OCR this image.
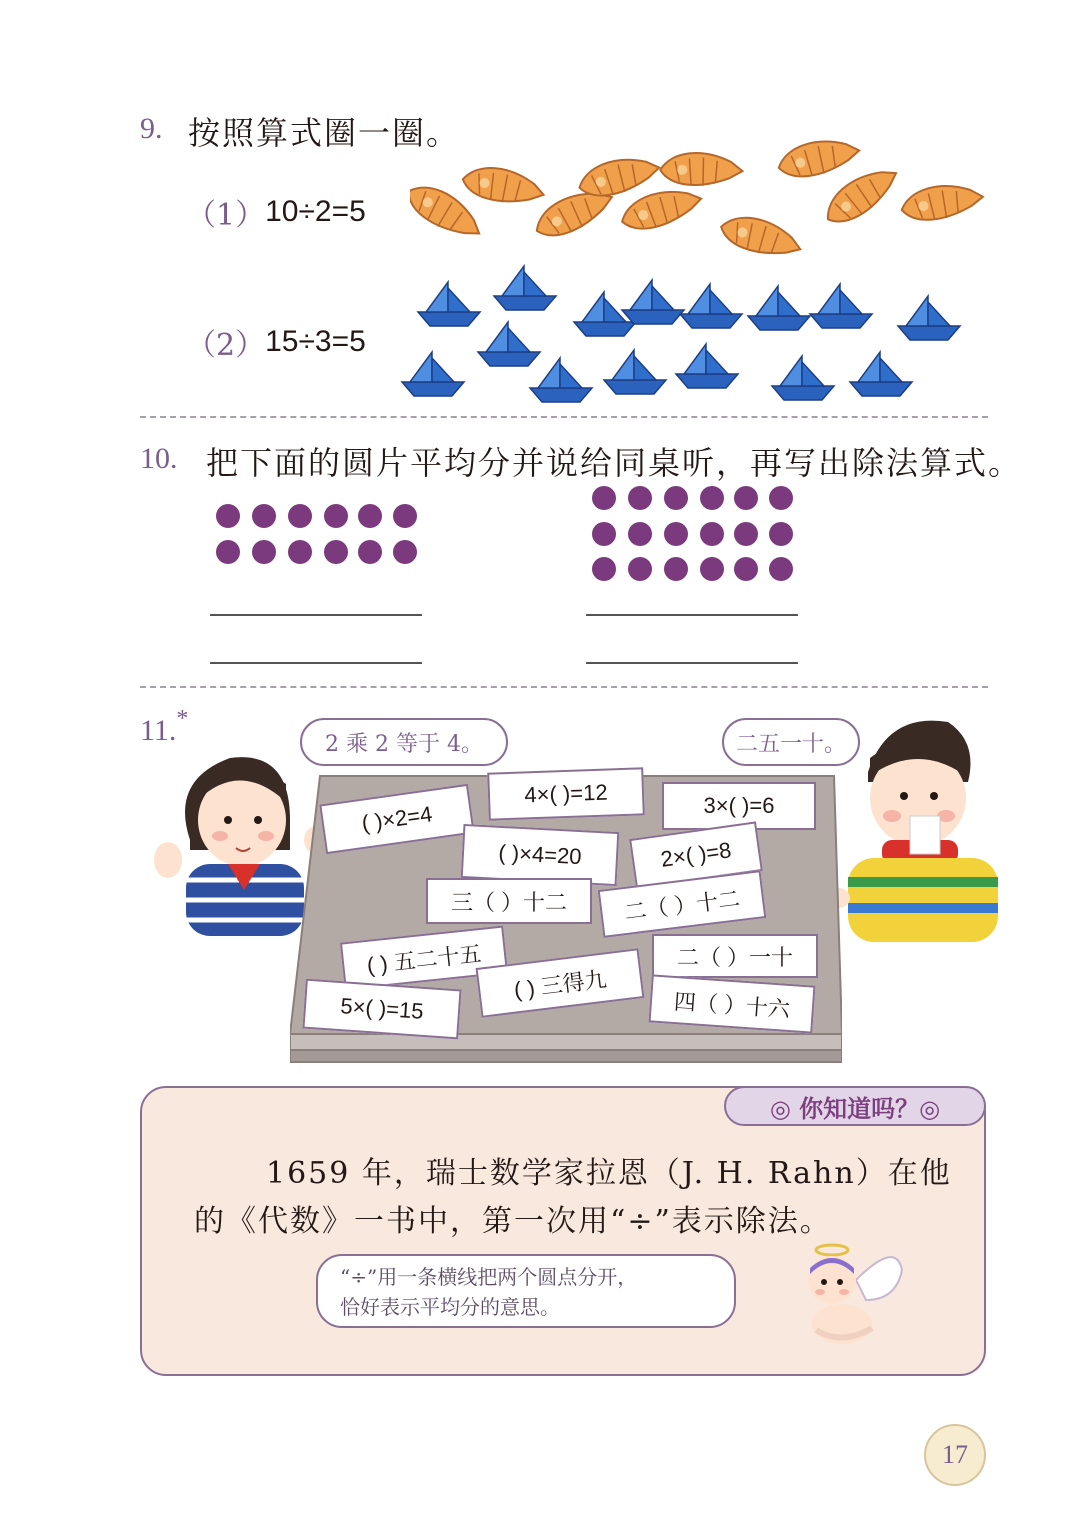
9. 按照算式圈一圈。
（1） 10÷2=5
（2） 15÷3=5
10. 把下面的圆片平均分并说给同桌听，再写出除法算式。
11.*
2 乘 2 等于 4。	二五一十。
( )×2=4
4×( )=12	3×( )=6
( )×4=20	2×( )=8
三（ ）十二	二（ ）十二
( ) 五二十五	二（ ）一十
5×( )=15
( ) 三得九
四（ ）十六
◎ 你知道吗？◎
1659 年，瑞士数学家拉恩（J. H. Rahn）在他
的《代数》一书中，第一次用“÷”表示除法。
“÷”用一条横线把两个圆点分开，
恰好表示平均分的意思。
17
